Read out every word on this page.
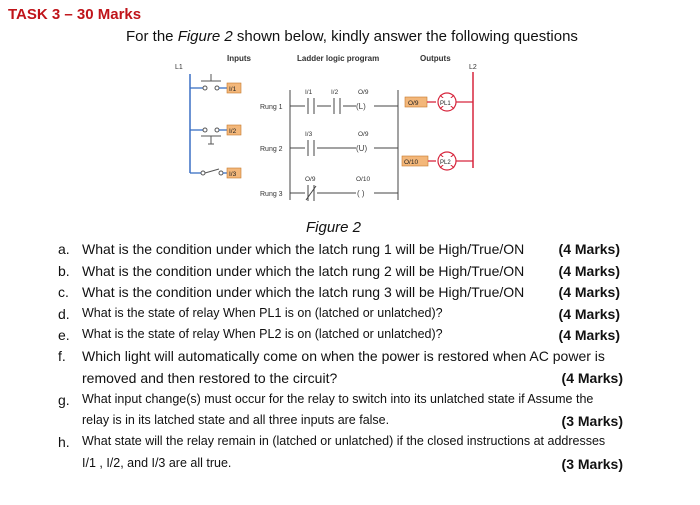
TASK 3 – 30 Marks
For the Figure 2 shown below, kindly answer the following questions
Inputs	Ladder logic program	Outputs
L1	L2
I/1
I/2
I/3
Rung 1
I/1	I/2
(L)
O/9
Rung 2
I/3
(U)
O/9
Rung 3
O/9
( )
O/10
O/9	PL1
O/10	PL2
Figure 2
a. What is the condition under which the latch rung 1 will be High/True/ON (4 Marks)
b. What is the condition under which the latch rung 2 will be High/True/ON (4 Marks)
c. What is the condition under which the latch rung 3 will be High/True/ON (4 Marks)
d. What is the state of relay When PL1 is on (latched or unlatched)?	(4 Marks)
e. What is the state of relay When PL2 is on (latched or unlatched)?	(4 Marks)
f. Which light will automatically come on when the power is restored when AC power is
removed and then restored to the circuit?	(4 Marks)
g. What input change(s) must occur for the relay to switch into its unlatched state if Assume the
relay is in its latched state and all three inputs are false.	(3 Marks)
h. What state will the relay remain in (latched or unlatched) if the closed instructions at addresses
I/1 , I/2, and I/3 are all true.	(3 Marks)
